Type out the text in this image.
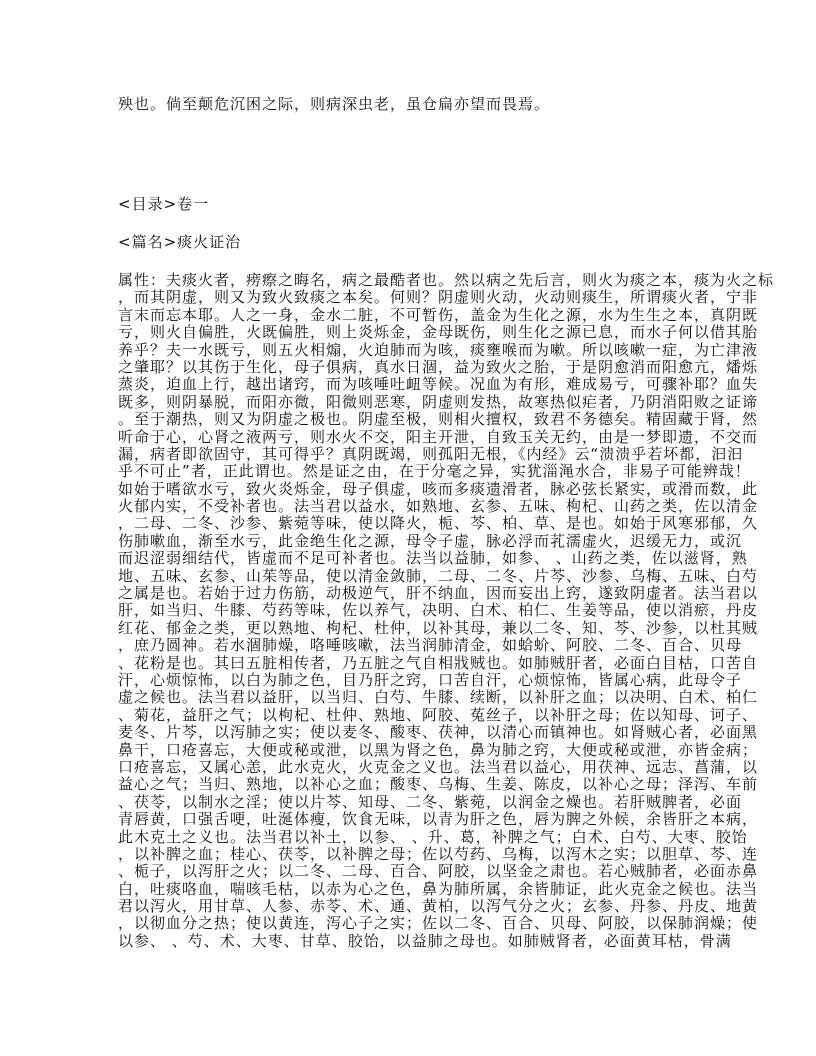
殃也。倘至颠危沉困之际，则病深虫老，虽仓扁亦望而畏焉。
<目录>卷一
<篇名>痰火证治
属性：夫痰火者，痨瘵之晦名，病之最酷者也。然以病之先后言，则火为痰之本，痰为火之标
，而其阴虚，则又为致火致痰之本矣。何则？阴虚则火动，火动则痰生，所谓痰火者，宁非
言末而忘本耶。人之一身，金水二脏，不可暂伤，盖金为生化之源，水为生生之本，真阴既
亏，则火自偏胜，火既偏胜，则上炎烁金，金母既伤，则生化之源已息，而水子何以借其胎
养乎？夫一水既亏，则五火相煽，火迫肺而为咳，痰壅喉而为嗽。所以咳嗽一症，为亡津液
之肇耶？以其伤于生化，母子俱病，真水日涸，益为致火之胎，于是阴愈消而阳愈亢，燔烁
蒸炎，迫血上行，越出诸窍，而为咳唾吐衄等候。况血为有形，难成易亏，可骤补耶？血失
既多，则阴暴脱，而阳亦微，阳微则恶寒，阴虚则发热，故寒热似疟者，乃阴消阳败之证谛
。至于潮热，则又为阴虚之极也。阴虚至极，则相火擅权，致君不务德矣。精固藏于肾，然
听命于心，心肾之液两亏，则水火不交，阳主开泄，自致玉关无约，由是一梦即遗，不交而
漏，病者即欲固守，其可得乎？真阴既竭，则孤阳无根，《内经》云“溃溃乎若坏都，汩汩
乎不可止”者，正此谓也。然是证之由，在于分毫之异，实犹淄渑水合，非易子可能辨哉！
如始于嗜欲水亏，致火炎烁金，母子俱虚，咳而多痰遗滑者，脉必弦长紧实，或滑而数，此
火郁内实，不受补者也。法当君以益水，如熟地、玄参、五味、枸杞、山药之类，佐以清金
，二母、二冬、沙参、紫菀等味，使以降火，栀、芩、柏、草、是也。如始于风寒邪郁，久
伤肺嗽血，渐至水亏，此金绝生化之源，母令子虚，脉必浮而芤濡虚火，迟缓无力，或沉
而迟涩弱细结代，皆虚而不足可补者也。法当以益肺，如参、 、山药之类，佐以滋肾，熟
地、五味、玄参、山茱等品，使以清金敛肺，二母、二冬、片芩、沙参、乌梅、五味、白芍
之属是也。若始于过力伤筋，动极逆气，肝不纳血，因而妄出上窍，遂致阴虚者。法当君以
肝，如当归、牛膝、芍药等味，佐以养气，决明、白术、柏仁、生姜等品，使以消瘀，丹皮
红花、郁金之类，更以熟地、枸杞、杜仲，以补其母，兼以二冬、知、芩、沙参，以杜其贼
，庶乃圆神。若水涸肺燥，咯唾咳嗽，法当润肺清金，如蛤蚧、阿胶、二冬、百合、贝母
、花粉是也。其曰五脏相传者，乃五脏之气自相戕贼也。如肺贼肝者，必面白目枯，口苦自
汗，心烦惊怖，以白为肺之色，目乃肝之窍，口苦自汗，心烦惊怖，皆属心病，此母令子
虚之候也。法当君以益肝，以当归、白芍、牛膝、续断，以补肝之血；以决明、白术、柏仁
、菊花，益肝之气；以枸杞、杜仲、熟地、阿胶、菟丝子，以补肝之母；佐以知母、诃子、
麦冬、片芩，以泻肺之实；使以麦冬、酸枣、茯神，以清心而镇神也。如肾贼心者，必面黑
鼻干，口疮喜忘，大便或秘或泄，以黑为肾之色，鼻为肺之窍，大便或秘或泄，亦皆金病；
口疮喜忘，又属心恙，此水克火，火克金之义也。法当君以益心，用茯神、远志、菖蒲，以
益心之气；当归、熟地，以补心之血；酸枣、乌梅、生姜、陈皮，以补心之母；泽泻、车前
、茯苓，以制水之淫；使以片芩、知母、二冬、紫菀，以润金之燥也。若肝贼脾者，必面
青唇黄，口强舌哽，吐涎体瘦，饮食无味，以青为肝之色，唇为脾之外候，余皆肝之本病，
此木克土之义也。法当君以补土，以参、 、升、葛，补脾之气；白术、白芍、大枣、胶饴
，以补脾之血；桂心、茯苓，以补脾之母；佐以芍药、乌梅，以泻木之实；以胆草、芩、连
、栀子，以泻肝之火；以二冬、二母、百合、阿胶，以坚金之肃也。若心贼肺者，必面赤鼻
白，吐痰咯血，喘咳毛枯，以赤为心之色，鼻为肺所属，余皆肺证，此火克金之候也。法当
君以泻火，用甘草、人参、赤苓、术、通、黄柏，以泻气分之火；玄参、丹参、丹皮、地黄
，以彻血分之热；使以黄连，泻心子之实；佐以二冬、百合、贝母、阿胶，以保肺润燥；使
以参、 、芍、术、大枣、甘草、胶饴，以益肺之母也。如肺贼肾者，必面黄耳枯，骨满
